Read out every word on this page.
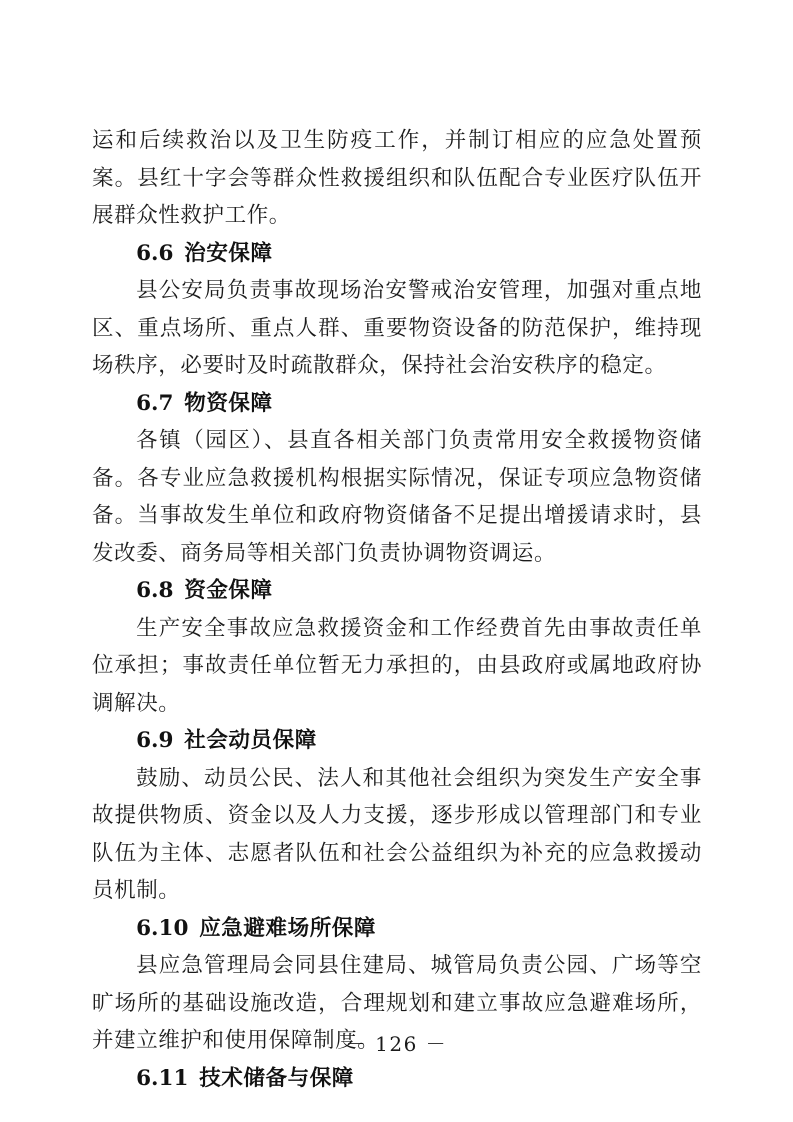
运和后续救治以及卫生防疫工作，并制订相应的应急处置预案。县红十字会等群众性救援组织和队伍配合专业医疗队伍开展群众性救护工作。

6.6 治安保障

县公安局负责事故现场治安警戒治安管理，加强对重点地区、重点场所、重点人群、重要物资设备的防范保护，维持现场秩序，必要时及时疏散群众，保持社会治安秩序的稳定。

6.7 物资保障

各镇（园区）、县直各相关部门负责常用安全救援物资储备。各专业应急救援机构根据实际情况，保证专项应急物资储备。当事故发生单位和政府物资储备不足提出增援请求时，县发改委、商务局等相关部门负责协调物资调运。

6.8 资金保障

生产安全事故应急救援资金和工作经费首先由事故责任单位承担；事故责任单位暂无力承担的，由县政府或属地政府协调解决。

6.9 社会动员保障

鼓励、动员公民、法人和其他社会组织为突发生产安全事故提供物质、资金以及人力支援，逐步形成以管理部门和专业队伍为主体、志愿者队伍和社会公益组织为补充的应急救援动员机制。

6.10 应急避难场所保障

县应急管理局会同县住建局、城管局负责公园、广场等空旷场所的基础设施改造，合理规划和建立事故应急避难场所，并建立维护和使用保障制度。

6.11 技术储备与保障
－ 126 －
